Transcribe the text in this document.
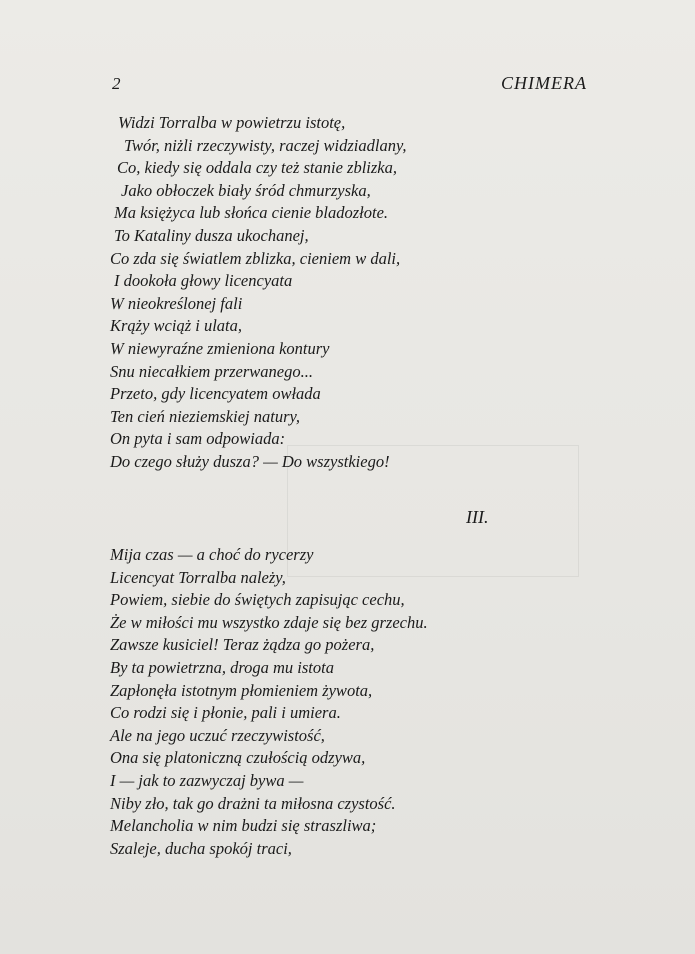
2	CHIMERA
Widzi Torralba w powietrzu istotę,
Twór, niżli rzeczywisty, raczej widziadlany,
Co, kiedy się oddala czy też stanie zblizka,
Jako obłoczek biały śród chmurzyska,
Ma księżyca lub słońca cienie bladozłote.
To Kataliny dusza ukochanej,
Co zda się światlem zblizka, cieniem w dali,
I dookoła głowy licencyata
W nieokreślonej fali
Krąży wciąż i ulata,
W niewyraźne zmieniona kontury
Snu niecałkiem przerwanego...
Przeto, gdy licencyatem owłada
Ten cień nieziemskiej natury,
On pyta i sam odpowiada:
Do czego służy dusza? — Do wszystkiego!
III.
Mija czas — a choć do rycerzy
Licencyat Torralba należy,
Powiem, siebie do świętych zapisując cechu,
Że w miłości mu wszystko zdaje się bez grzechu.
Zawsze kusiciel! Teraz żądza go pożera,
By ta powietrzna, droga mu istota
Zapłonęła istotnym płomieniem żywota,
Co rodzi się i płonie, pali i umiera.
Ale na jego uczuć rzeczywistość,
Ona się platoniczną czułością odzywa,
I — jak to zazwyczaj bywa —
Niby zło, tak go drażni ta miłosna czystość.
Melancholia w nim budzi się straszliwa;
Szaleje, ducha spokój traci,
